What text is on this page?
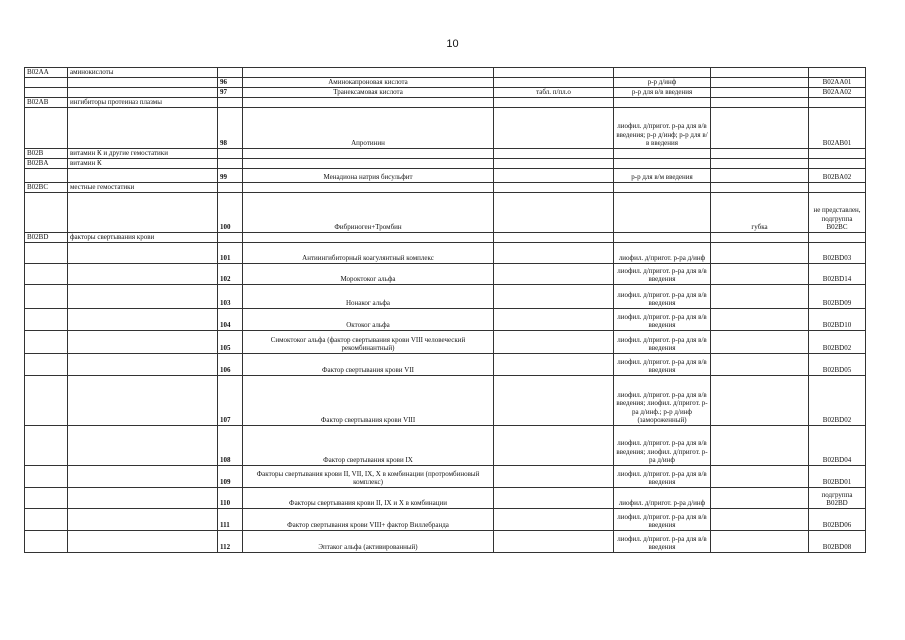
10
B02AA	аминокислоты						
		96	Аминокапроновая кислота		р-р д/инф		B02AA01
		97	Транексамовая кислота	табл. п/пл.о	р-р для в/в введения		B02AA02
B02AB	ингибиторы протеиназ плазмы						
		98	Апротинин		лиофил. д/пригот. р-ра для в/в введения; р-р д/инф; р-р для в/в введения		B02AB01
B02B	витамин К и другие гемостатики						
B02BA	витамин К						
		99	Менадиона натрия бисульфит		р-р для в/м введения		B02BA02
B02BC	местные гемостатики						
		100	Фибриноген+Тромбин			губка	не представлен, подгруппа B02BC
B02BD	факторы свертывания крови						
		101	Антиингибиторный коагулянтный комплекс		лиофил. д/пригот. р-ра д/инф		B02BD03
		102	Мороктоког альфа		лиофил. д/пригот. р-ра для в/в введения		B02BD14
		103	Нонаког альфа		лиофил. д/пригот. р-ра для в/в введения		B02BD09
		104	Октоког альфа		лиофил. д/пригот. р-ра для в/в введения		B02BD10
		105	Симоктоког альфа (фактор свертывания крови VIII человеческий рекомбинантный)		лиофил. д/пригот. р-ра для в/в введения		B02BD02
		106	Фактор свертывания крови VII		лиофил. д/пригот. р-ра для в/в введения		B02BD05
		107	Фактор свертывания крови VIII		лиофил. д/пригот. р-ра для в/в введения; лиофил. д/пригот. р-ра д/инф.; р-р д/инф (замороженный)		B02BD02
		108	Фактор свертывания крови IX		лиофил. д/пригот. р-ра для в/в введения; лиофил. д/пригот. р-ра д/инф		B02BD04
		109	Факторы свертывания крови II, VII, IX, X в комбинации (протромбиновый комплекс)		лиофил. д/пригот. р-ра для в/в введения		B02BD01
		110	Факторы свертывания крови II, IX и X в комбинации		лиофил. д/пригот. р-ра д/инф		подгруппа B02BD
		111	Фактор свертывания крови VIII+ фактор Виллебранда		лиофил. д/пригот. р-ра для в/в введения		B02BD06
		112	Эптаког альфа (активированный)		лиофил. д/пригот. р-ра для в/в введения		B02BD08
